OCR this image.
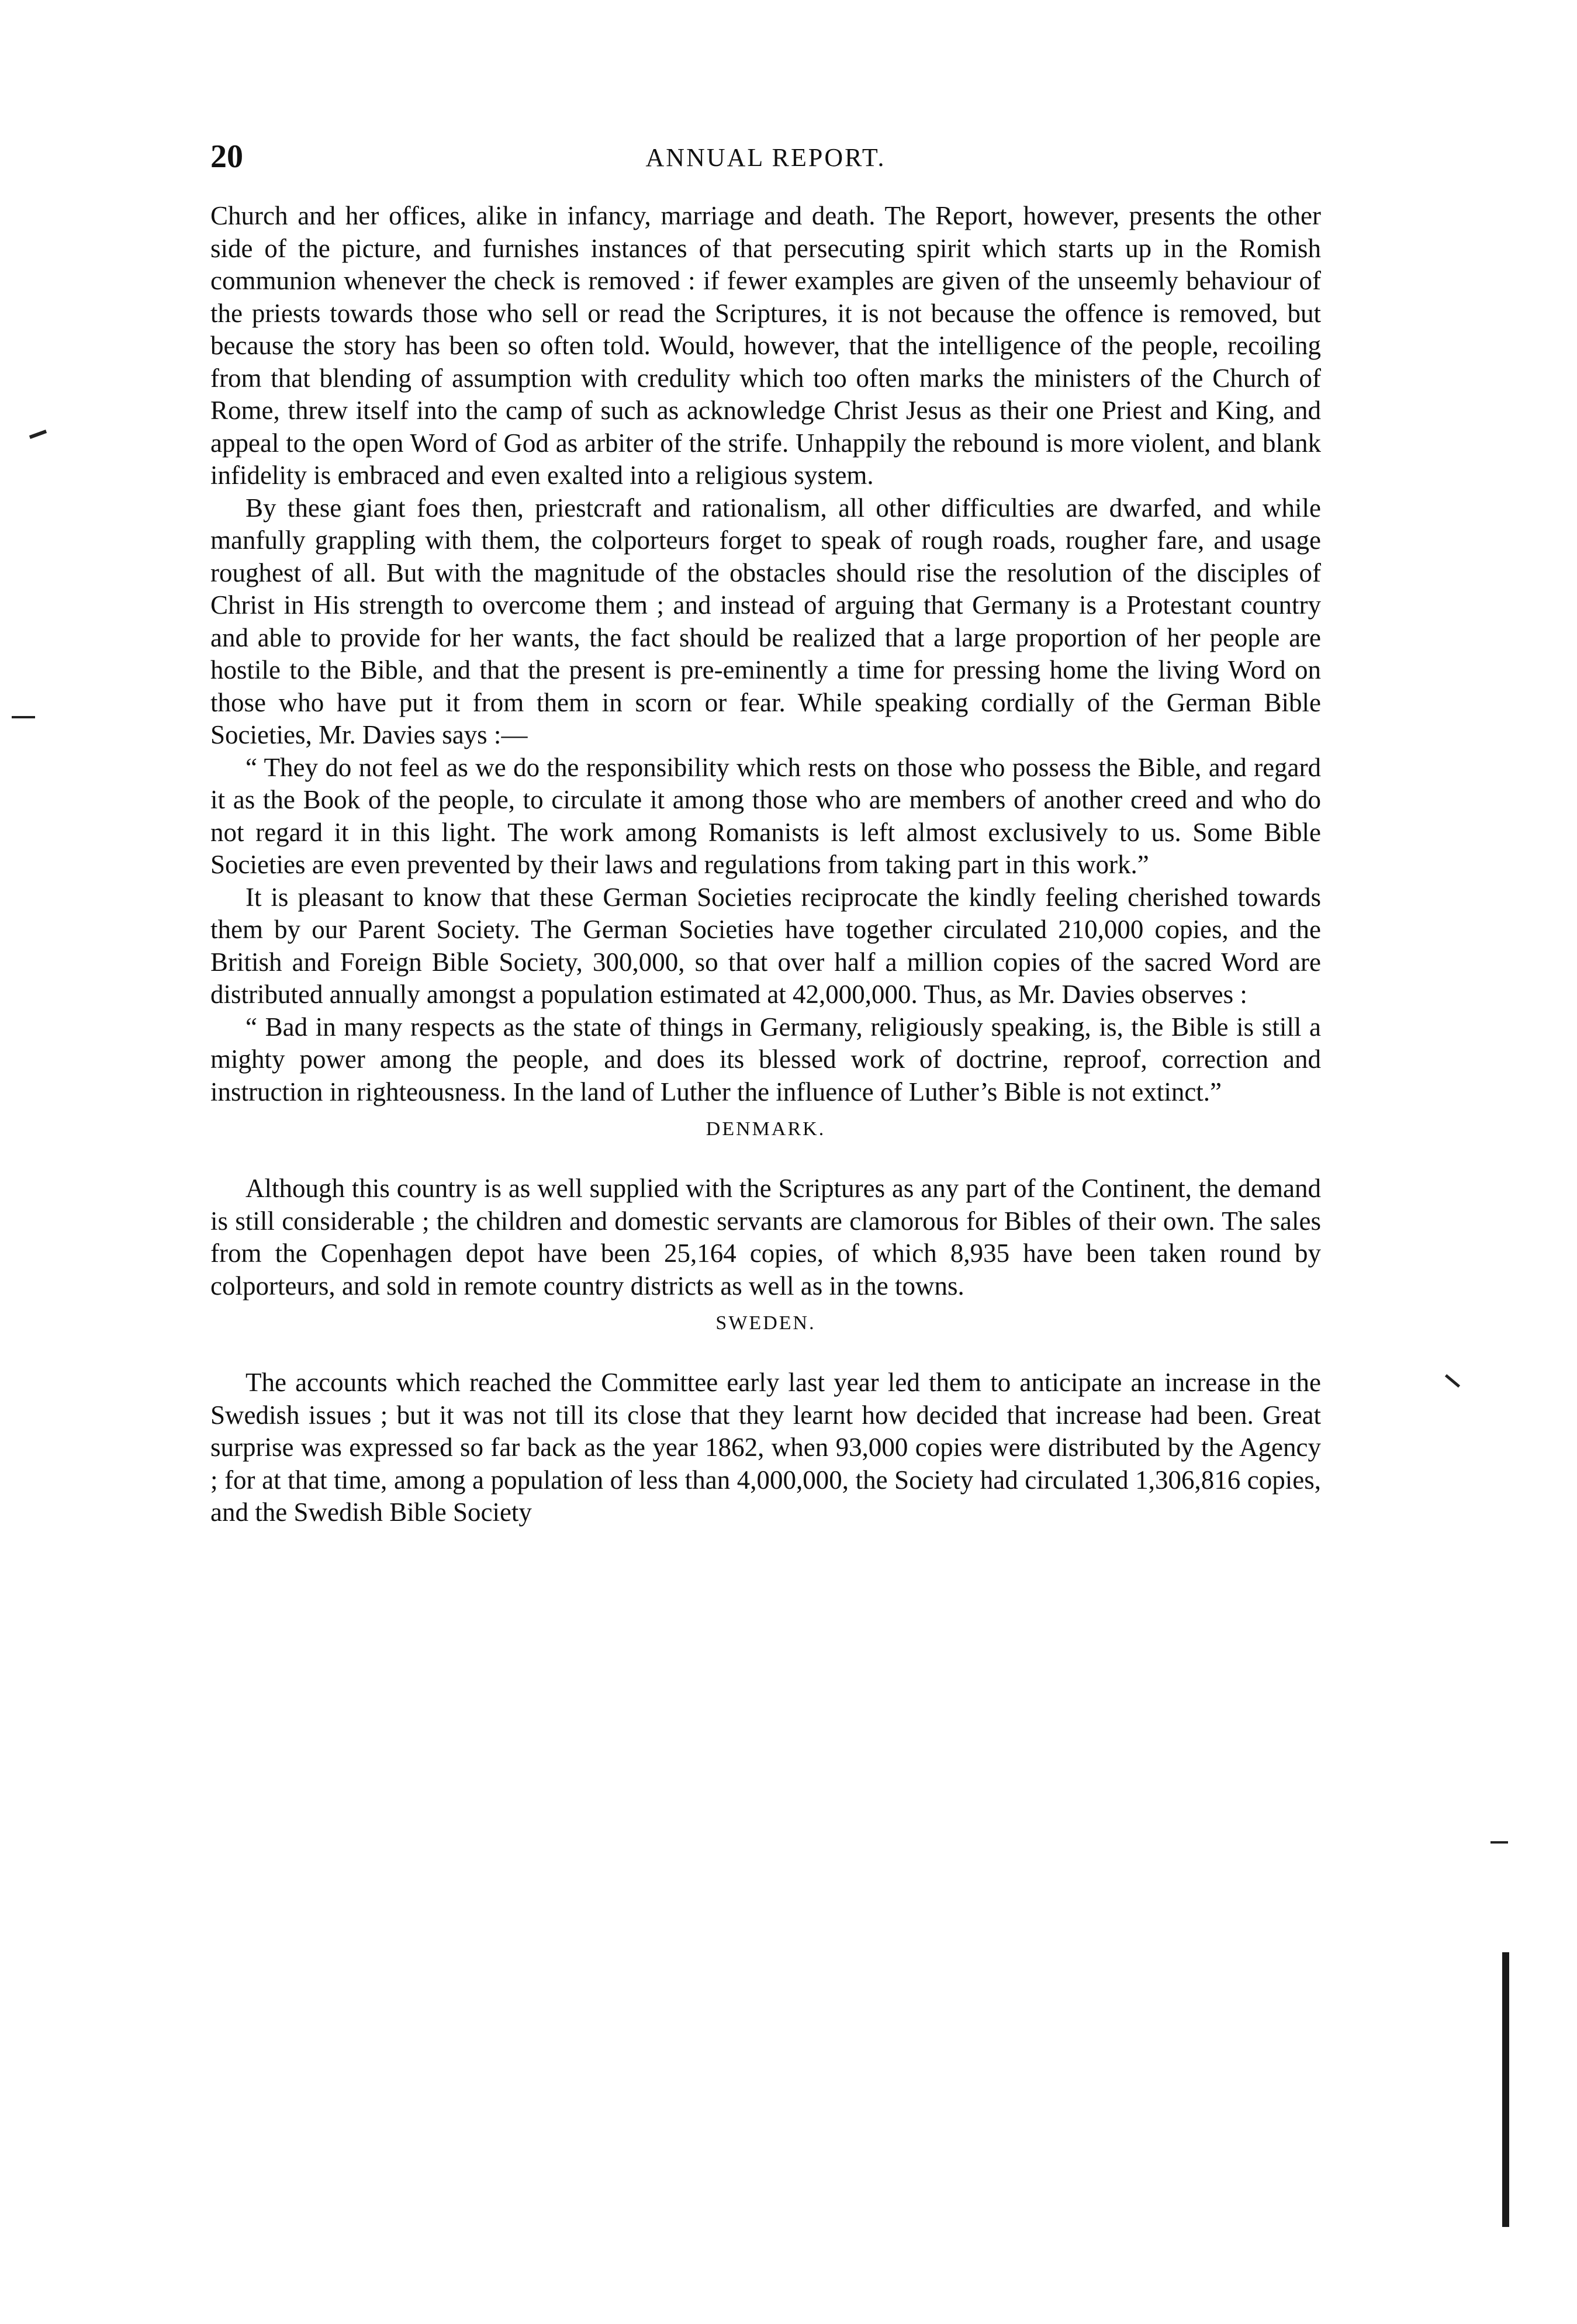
20	ANNUAL REPORT.

Church and her offices, alike in infancy, marriage and death. The Report, however, presents the other side of the picture, and furnishes instances of that persecuting spirit which starts up in the Romish communion whenever the check is removed : if fewer examples are given of the unseemly behaviour of the priests towards those who sell or read the Scriptures, it is not because the offence is removed, but because the story has been so often told. Would, however, that the intelligence of the people, recoiling from that blending of assumption with credulity which too often marks the ministers of the Church of Rome, threw itself into the camp of such as acknowledge Christ Jesus as their one Priest and King, and appeal to the open Word of God as arbiter of the strife. Unhappily the rebound is more violent, and blank infidelity is embraced and even exalted into a religious system.

By these giant foes then, priestcraft and rationalism, all other difficulties are dwarfed, and while manfully grappling with them, the colporteurs forget to speak of rough roads, rougher fare, and usage roughest of all. But with the magnitude of the obstacles should rise the resolution of the disciples of Christ in His strength to overcome them ; and instead of arguing that Germany is a Protestant country and able to provide for her wants, the fact should be realized that a large proportion of her people are hostile to the Bible, and that the present is pre-eminently a time for pressing home the living Word on those who have put it from them in scorn or fear. While speaking cordially of the German Bible Societies, Mr. Davies says :—

“ They do not feel as we do the responsibility which rests on those who possess the Bible, and regard it as the Book of the people, to circulate it among those who are members of another creed and who do not regard it in this light. The work among Romanists is left almost exclusively to us. Some Bible Societies are even prevented by their laws and regulations from taking part in this work.”

It is pleasant to know that these German Societies reciprocate the kindly feeling cherished towards them by our Parent Society. The German Societies have together circulated 210,000 copies, and the British and Foreign Bible Society, 300,000, so that over half a million copies of the sacred Word are distributed annually amongst a population estimated at 42,000,000. Thus, as Mr. Davies observes :

“ Bad in many respects as the state of things in Germany, religiously speaking, is, the Bible is still a mighty power among the people, and does its blessed work of doctrine, reproof, correction and instruction in righteousness. In the land of Luther the influence of Luther’s Bible is not extinct.”

DENMARK.

Although this country is as well supplied with the Scriptures as any part of the Continent, the demand is still considerable ; the children and domestic servants are clamorous for Bibles of their own. The sales from the Copenhagen depot have been 25,164 copies, of which 8,935 have been taken round by colporteurs, and sold in remote country districts as well as in the towns.

SWEDEN.

The accounts which reached the Committee early last year led them to anticipate an increase in the Swedish issues ; but it was not till its close that they learnt how decided that increase had been. Great surprise was expressed so far back as the year 1862, when 93,000 copies were distributed by the Agency ; for at that time, among a population of less than 4,000,000, the Society had circulated 1,306,816 copies, and the Swedish Bible Society
